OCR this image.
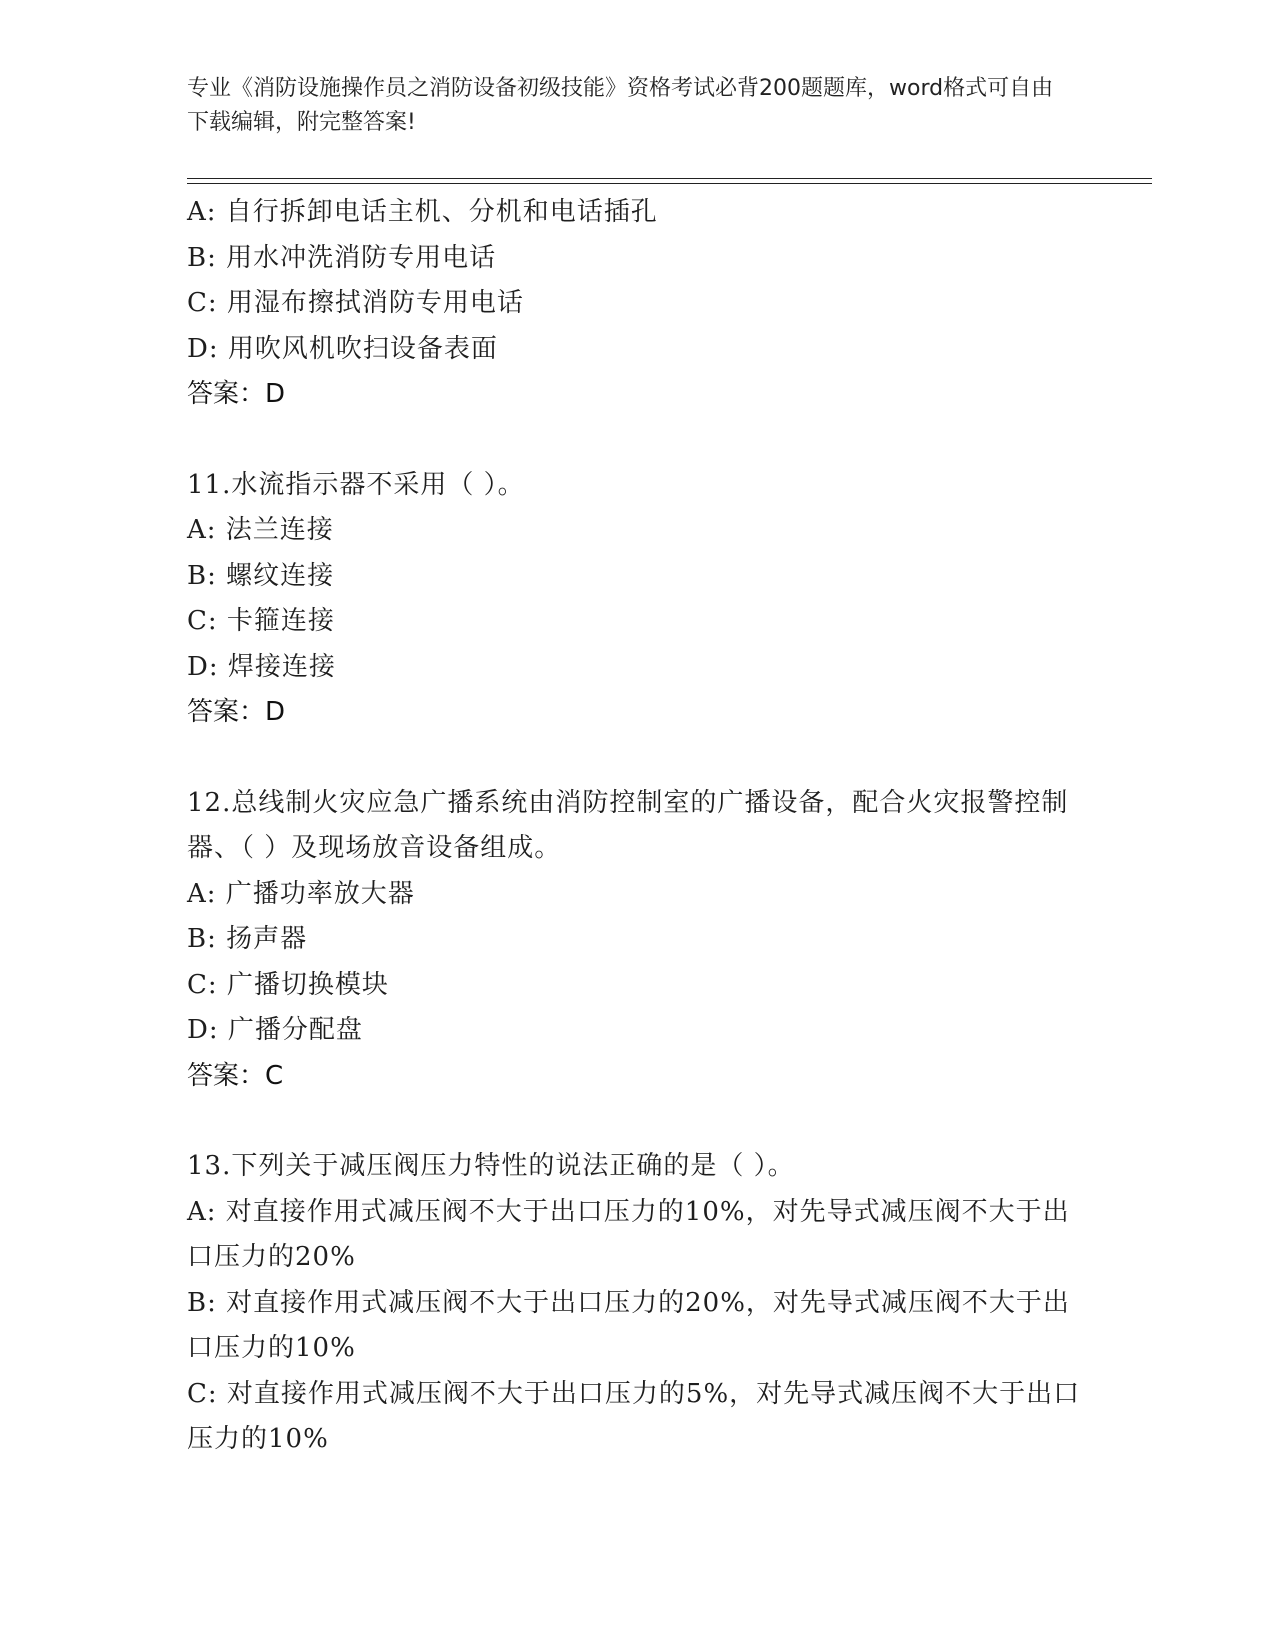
专业《消防设施操作员之消防设备初级技能》资格考试必背200题题库，word格式可自由下载编辑，附完整答案!
A: 自行拆卸电话主机、分机和电话插孔
B: 用水冲洗消防专用电话
C: 用湿布擦拭消防专用电话
D: 用吹风机吹扫设备表面
答案：D
11.水流指示器不采用（ ）。
A: 法兰连接
B: 螺纹连接
C: 卡箍连接
D: 焊接连接
答案：D
12.总线制火灾应急广播系统由消防控制室的广播设备，配合火灾报警控制器、（ ）及现场放音设备组成。
A: 广播功率放大器
B: 扬声器
C: 广播切换模块
D: 广播分配盘
答案：C
13.下列关于减压阀压力特性的说法正确的是（ ）。
A: 对直接作用式减压阀不大于出口压力的10%，对先导式减压阀不大于出口压力的20%
B: 对直接作用式减压阀不大于出口压力的20%，对先导式减压阀不大于出口压力的10%
C: 对直接作用式减压阀不大于出口压力的5%，对先导式减压阀不大于出口压力的10%
